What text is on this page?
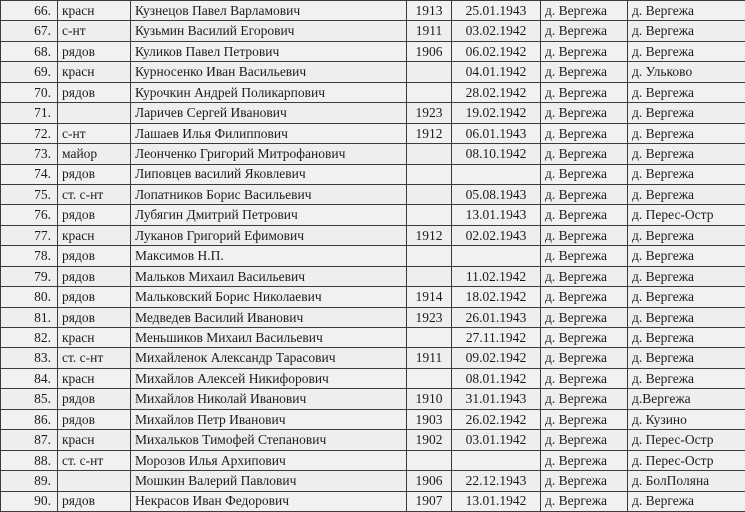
66.	красн	Кузнецов Павел Варламович	1913	25.01.1943	д. Вергежа	д. Вергежа
67.	с-нт	Кузьмин Василий Егорович	1911	03.02.1942	д. Вергежа	д. Вергежа
68.	рядов	Куликов Павел Петрович	1906	06.02.1942	д. Вергежа	д. Вергежа
69.	красн	Курносенко Иван Васильевич		04.01.1942	д. Вергежа	д. Ульково
70.	рядов	Курочкин Андрей Поликарпович		28.02.1942	д. Вергежа	д. Вергежа
71.		Ларичев Сергей Иванович	1923	19.02.1942	д. Вергежа	д. Вергежа
72.	с-нт	Лашаев Илья Филиппович	1912	06.01.1943	д. Вергежа	д. Вергежа
73.	майор	Леонченко Григорий Митрофанович		08.10.1942	д. Вергежа	д. Вергежа
74.	рядов	Липовцев василий Яковлевич			д. Вергежа	д. Вергежа
75.	ст. с-нт	Лопатников Борис Васильевич		05.08.1943	д. Вергежа	д. Вергежа
76.	рядов	Лубягин Дмитрий Петрович		13.01.1943	д. Вергежа	д. Перес-Остр
77.	красн	Луканов Григорий Ефимович	1912	02.02.1943	д. Вергежа	д. Вергежа
78.	рядов	Максимов Н.П.			д. Вергежа	д. Вергежа
79.	рядов	Мальков Михаил Васильевич		11.02.1942	д. Вергежа	д. Вергежа
80.	рядов	Мальковский Борис Николаевич	1914	18.02.1942	д. Вергежа	д. Вергежа
81.	рядов	Медведев Василий Иванович	1923	26.01.1943	д. Вергежа	д. Вергежа
82.	красн	Меньшиков Михаил Васильевич		27.11.1942	д. Вергежа	д. Вергежа
83.	ст. с-нт	Михайленок Александр Тарасович	1911	09.02.1942	д. Вергежа	д. Вергежа
84.	красн	Михайлов Алексей Никифорович		08.01.1942	д. Вергежа	д. Вергежа
85.	рядов	Михайлов Николай Иванович	1910	31.01.1943	д. Вергежа	д.Вергежа
86.	рядов	Михайлов Петр Иванович	1903	26.02.1942	д. Вергежа	д. Кузино
87.	красн	Михальков Тимофей Степанович	1902	03.01.1942	д. Вергежа	д. Перес-Остр
88.	ст. с-нт	Морозов Илья Архипович			д. Вергежа	д. Перес-Остр
89.		Мошкин Валерий Павлович	1906	22.12.1943	д. Вергежа	д. БолПоляна
90.	рядов	Некрасов Иван Федорович	1907	13.01.1942	д. Вергежа	д. Вергежа
